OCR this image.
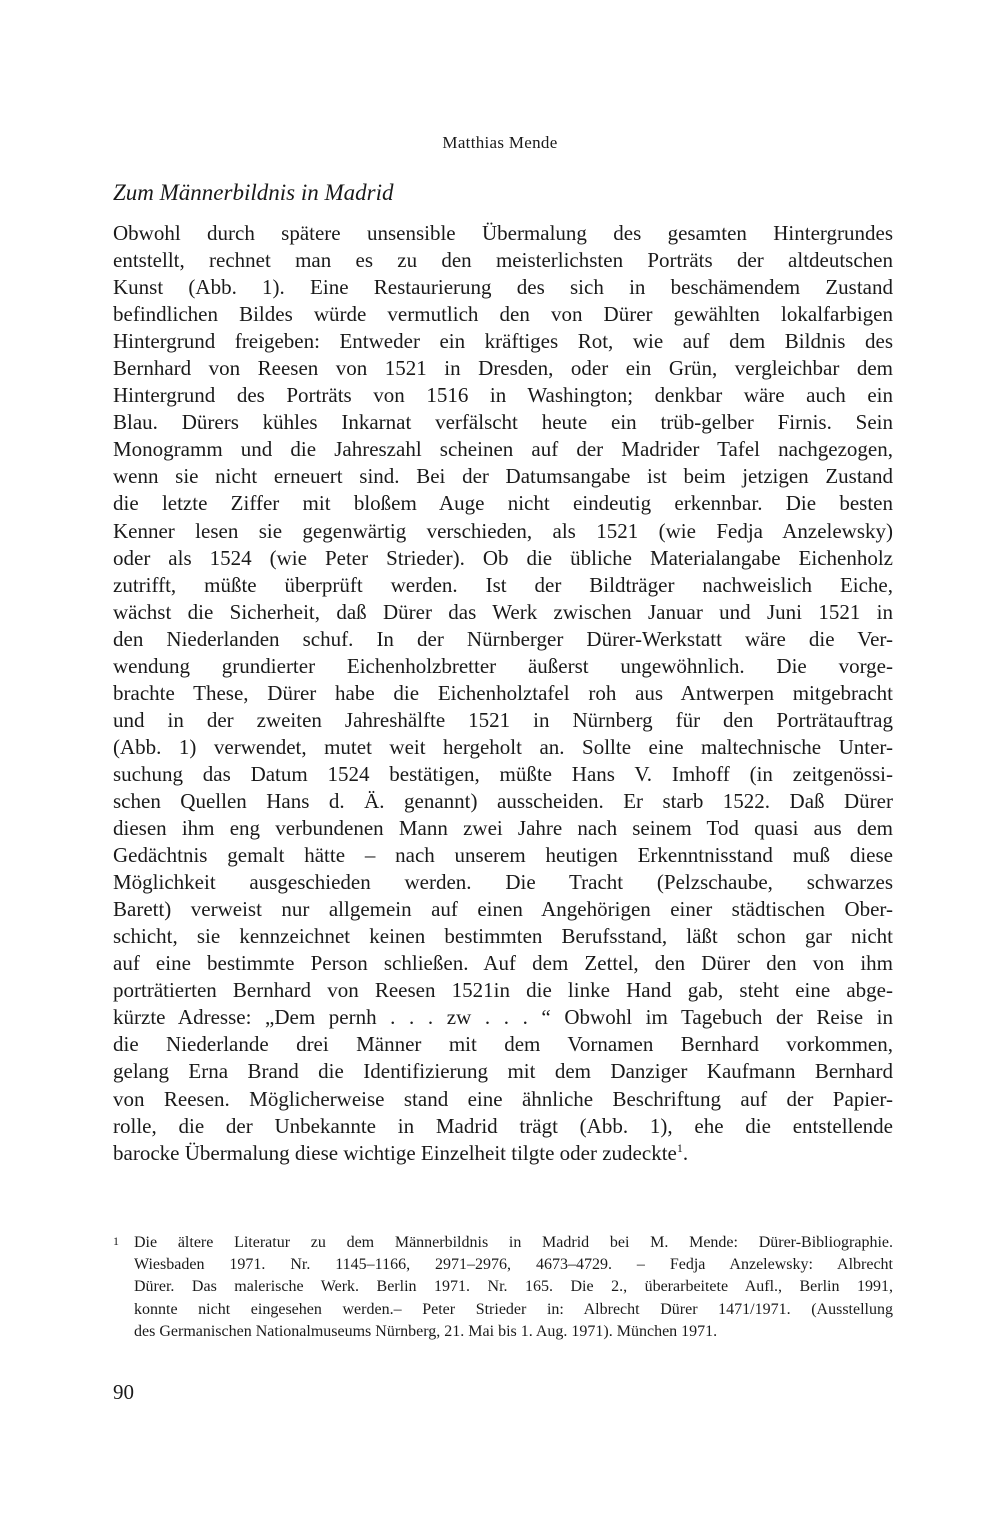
Matthias Mende
Zum Männerbildnis in Madrid
Obwohl durch spätere unsensible Übermalung des gesamten Hintergrundes
entstellt, rechnet man es zu den meisterlichsten Porträts der altdeutschen
Kunst (Abb. 1). Eine Restaurierung des sich in beschämendem Zustand
befindlichen Bildes würde vermutlich den von Dürer gewählten lokalfarbigen
Hintergrund freigeben: Entweder ein kräftiges Rot, wie auf dem Bildnis des
Bernhard von Reesen von 1521 in Dresden, oder ein Grün, vergleichbar dem
Hintergrund des Porträts von 1516 in Washington; denkbar wäre auch ein
Blau. Dürers kühles Inkarnat verfälscht heute ein trüb-gelber Firnis. Sein
Monogramm und die Jahreszahl scheinen auf der Madrider Tafel nachgezogen,
wenn sie nicht erneuert sind. Bei der Datumsangabe ist beim jetzigen Zustand
die letzte Ziffer mit bloßem Auge nicht eindeutig erkennbar. Die besten
Kenner lesen sie gegenwärtig verschieden, als 1521 (wie Fedja Anzelewsky)
oder als 1524 (wie Peter Strieder). Ob die übliche Materialangabe Eichenholz
zutrifft, müßte überprüft werden. Ist der Bildträger nachweislich Eiche,
wächst die Sicherheit, daß Dürer das Werk zwischen Januar und Juni 1521 in
den Niederlanden schuf. In der Nürnberger Dürer-Werkstatt wäre die Ver-
wendung grundierter Eichenholzbretter äußerst ungewöhnlich. Die vorge-
brachte These, Dürer habe die Eichenholztafel roh aus Antwerpen mitgebracht
und in der zweiten Jahreshälfte 1521 in Nürnberg für den Porträtauftrag
(Abb. 1) verwendet, mutet weit hergeholt an. Sollte eine maltechnische Unter-
suchung das Datum 1524 bestätigen, müßte Hans V. Imhoff (in zeitgenössi-
schen Quellen Hans d. Ä. genannt) ausscheiden. Er starb 1522. Daß Dürer
diesen ihm eng verbundenen Mann zwei Jahre nach seinem Tod quasi aus dem
Gedächtnis gemalt hätte – nach unserem heutigen Erkenntnisstand muß diese
Möglichkeit ausgeschieden werden. Die Tracht (Pelzschaube, schwarzes
Barett) verweist nur allgemein auf einen Angehörigen einer städtischen Ober-
schicht, sie kennzeichnet keinen bestimmten Berufsstand, läßt schon gar nicht
auf eine bestimmte Person schließen. Auf dem Zettel, den Dürer den von ihm
porträtierten Bernhard von Reesen 1521in die linke Hand gab, steht eine abge-
kürzte Adresse: „Dem pernh . . . zw . . . “ Obwohl im Tagebuch der Reise in
die Niederlande drei Männer mit dem Vornamen Bernhard vorkommen,
gelang Erna Brand die Identifizierung mit dem Danziger Kaufmann Bernhard
von Reesen. Möglicherweise stand eine ähnliche Beschriftung auf der Papier-
rolle, die der Unbekannte in Madrid trägt (Abb. 1), ehe die entstellende
barocke Übermalung diese wichtige Einzelheit tilgte oder zudeckte$^1$.
1 Die ältere Literatur zu dem Männerbildnis in Madrid bei M. Mende: Dürer-Bibliographie.
Wiesbaden 1971. Nr. 1145–1166, 2971–2976, 4673–4729. – Fedja Anzelewsky: Albrecht
Dürer. Das malerische Werk. Berlin 1971. Nr. 165. Die 2., überarbeitete Aufl., Berlin 1991,
konnte nicht eingesehen werden.– Peter Strieder in: Albrecht Dürer 1471/1971. (Ausstellung
des Germanischen Nationalmuseums Nürnberg, 21. Mai bis 1. Aug. 1971). München 1971.
90
